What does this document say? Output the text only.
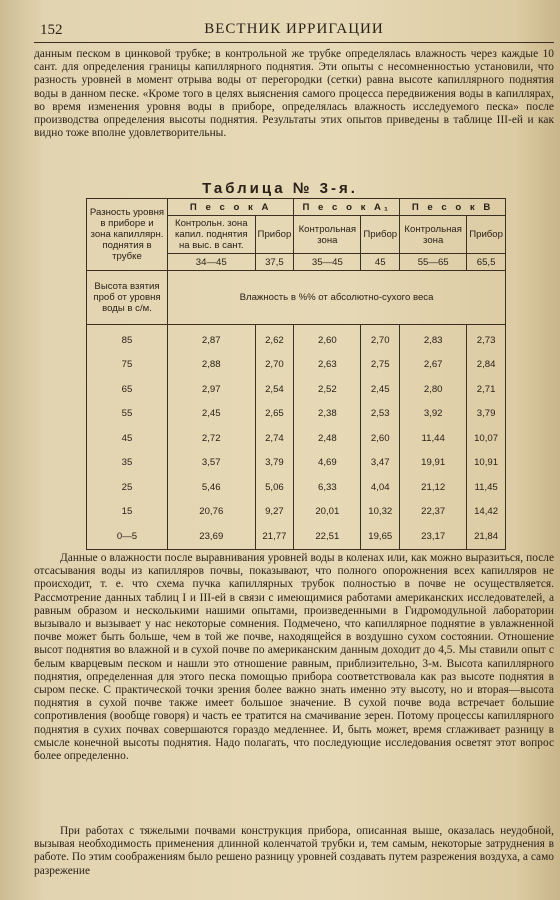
152	ВЕСТНИК ИРРИГАЦИИ
данным песком в цинковой трубке; в контрольной же трубке определялась влажность через каждые 10 сант. для определения границы капиллярного поднятия. Эти опыты с несомненностью установили, что разность уровней в момент отрыва воды от перегородки (сетки) равна высоте капиллярного поднятия воды в данном песке. «Кроме того в целях выяснения самого процесса передвижения воды в капиллярах, во время изменения уровня воды в приборе, определялась влажность исследуемого песка» после производства определения высоты поднятия. Результаты этих опытов приведены в таблице III-ей и как видно тоже вполне удовлетворительны.
Таблица № 3-я.
Разность уровня в приборе и зона капиллярн. поднятия в трубке	П е с о к А		П е с о к А₁		П е с о к В	
	Контрольн. зона капил. поднятия на выс. в сант.	Прибор	Контрольная зона	Прибор	Контрольная зона	Прибор
	34—45	37,5	35—45	45	55—65	65,5
Высота взятия проб от уровня воды в с/м.	Влажность в %% от абсолютно-сухого веса					
85	2,87	2,62	2,60	2,70	2,83	2,73
75	2,88	2,70	2,63	2,75	2,67	2,84
65	2,97	2,54	2,52	2,45	2,80	2,71
55	2,45	2,65	2,38	2,53	3,92	3,79
45	2,72	2,74	2,48	2,60	11,44	10,07
35	3,57	3,79	4,69	3,47	19,91	10,91
25	5,46	5,06	6,33	4,04	21,12	11,45
15	20,76	9,27	20,01	10,32	22,37	14,42
0—5	23,69	21,77	22,51	19,65	23,17	21,84
Данные о влажности после выравнивания уровней воды в коленах или, как можно выразиться, после отсасывания воды из капилляров почвы, показывают, что полного опорожнения всех капилляров не происходит, т. е. что схема пучка капиллярных трубок полностью в почве не осуществляется. Рассмотрение данных таблиц I и III-ей в связи с имеющимися работами американских исследователей, а равным образом и несколькими нашими опытами, произведенными в Гидромодульной лаборатории вызывало и вызывает у нас некоторые сомнения. Подмечено, что капиллярное поднятие в увлажненной почве может быть больше, чем в той же почве, находящейся в воздушно сухом состоянии. Отношение высот поднятия во влажной и в сухой почве по американским данным доходит до 4,5. Мы ставили опыт с белым кварцевым песком и нашли это отношение равным, приблизительно, 3-м. Высота капиллярного поднятия, определенная для этого песка помощью прибора соответствовала как раз высоте поднятия в сыром песке. С практической точки зрения более важно знать именно эту высоту, но и вторая—высота поднятия в сухой почве также имеет большое значение. В сухой почве вода встречает большие сопротивления (вообще говоря) и часть ее тратится на смачивание зерен. Потому процессы капиллярного поднятия в сухих почвах совершаются гораздо медленнее. И, быть может, время сглаживает разницу в смысле конечной высоты поднятия. Надо полагать, что последующие исследования осветят этот вопрос более определенно.
При работах с тяжелыми почвами конструкция прибора, описанная выше, оказалась неудобной, вызывая необходимость применения длинной коленчатой трубки и, тем самым, некоторые затруднения в работе. По этим соображениям было решено разницу уровней создавать путем разрежения воздуха, а само разрежение
